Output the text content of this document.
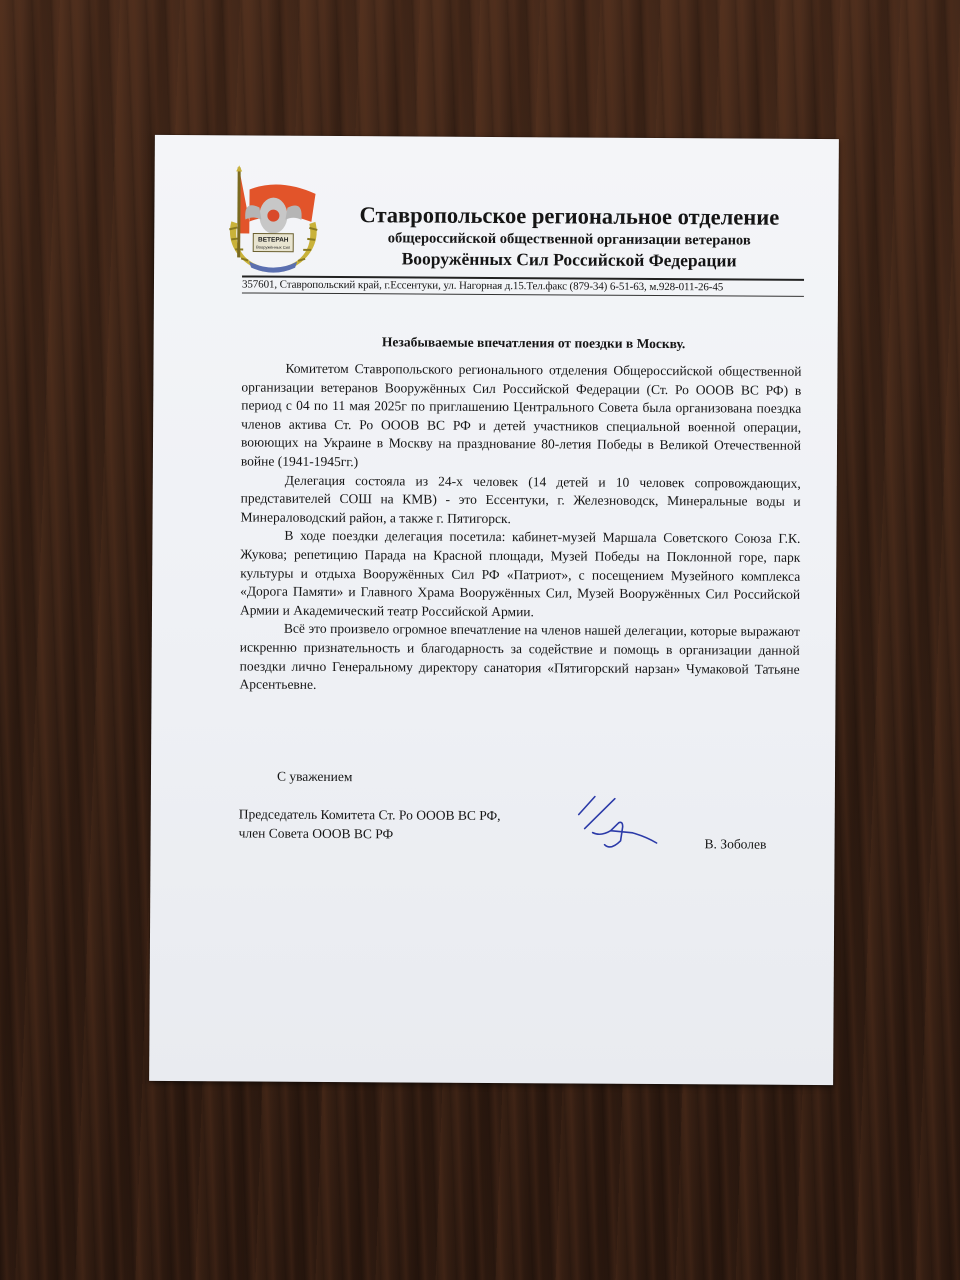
ВЕТЕРАН
Вооружённых Сил
Ставропольское региональное отделение
общероссийской общественной организации ветеранов
Вооружённых Сил Российской Федерации
357601, Ставропольский край, г.Ессентуки, ул. Нагорная д.15.Тел.факс (879-34) 6-51-63, м.928-011-26-45
Незабываемые впечатления от поездки в Москву.

Комитетом Ставропольского регионального отделения Общероссийской общественной организации ветеранов Вооружённых Сил Российской Федерации (Ст. Ро ОООВ ВС РФ) в период с 04 по 11 мая 2025г по приглашению Центрального Совета была организована поездка членов актива Ст. Ро ОООВ ВС РФ и детей участников специальной военной операции, воюющих на Украине в Москву на празднование 80-летия Победы в Великой Отечественной войне (1941-1945гг.)

Делегация состояла из 24-х человек (14 детей и 10 человек сопровождающих, представителей СОШ на КМВ) - это Ессентуки, г. Железноводск, Минеральные воды и Минераловодский район, а также г. Пятигорск.

В ходе поездки делегация посетила: кабинет-музей Маршала Советского Союза Г.К. Жукова; репетицию Парада на Красной площади, Музей Победы на Поклонной горе, парк культуры и отдыха Вооружённых Сил РФ «Патриот», с посещением Музейного комплекса «Дорога Памяти» и Главного Храма Вооружённых Сил, Музей Вооружённых Сил Российской Армии и Академический театр Российской Армии.

Всё это произвело огромное впечатление на членов нашей делегации, которые выражают искренню признательность и благодарность за содействие и помощь в организации данной поездки лично Генеральному директору санатория «Пятигорский нарзан» Чумаковой Татьяне Арсентьевне.

С уважением
Председатель Комитета Ст. Ро ОООВ ВС РФ,
член Совета ОООВ ВС РФ
В. Зоболев
